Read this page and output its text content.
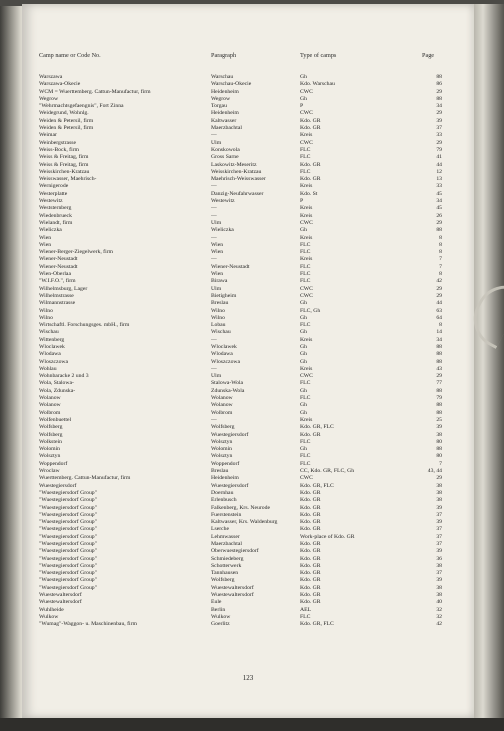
Camp name or Code No.	Paragraph	Type of camps	Page
Warszawa	Warschau	Gh	88
Warszawa-Okecie	Warschau-Okecie	Kdo. Warschau	86
WCM = Wuerttemberg. Cattun-Manufactur, firm	Heidenheim	CWC	29
Wegrow	Wegrow	Gh	88
"Wehrmachtsgefaengnis", Fort Zinna	Torgau	P	34
Weidegrund, Wohnlg.	Heidenheim	CWC	29
Weiden & Petersil, firm	Kaltwasser	Kdo. GR	39
Weiden & Petersil, firm	Maerzbachtal	Kdo. GR	37
Weimar	—	Kreis	33
Weinbergstrasse	Ulm	CWC	29
Weiss-Bock, firm	Konskowola	FLC	79
Weiss & Freitag, firm	Gross Sarne	FLC	41
Weiss & Freitag, firm	Laskowitz-Meseritz	Kdo. GR	44
Weisskirchen-Kratzau	Weisskirchen-Kratzau	FLC	12
Weisswasser, Maehrisch-	Maehrisch-Weisswasser	Kdo. GR	13
Wernigerode	—	Kreis	33
Westerplatte	Danzig-Neufahrwasser	Kdo. St	45
Westewitz	Westewitz	P	34
Weststernberg	—	Kreis	45
Wiedenbrueck	—	Kreis	26
Wielandt, firm	Ulm	CWC	29
Wieliczka	Wieliczka	Gh	88
Wien	—	Kreis	8
Wien	Wien	FLC	8
Wiener-Berger-Ziegelwerk, firm	Wien	FLC	8
Wiener-Neustadt	—	Kreis	7
Wiener-Neustadt	Wiener-Neustadt	FLC	7
Wien-Oberlaa	Wien	FLC	8
"W.I.F.O.", firm	Birawa	FLC	42
Wilhelmsburg, Lager	Ulm	CWC	29
Wilhelmstrasse	Bietigheim	CWC	29
Wilmannstrasse	Breslau	Gh	44
Wilno	Wilno	FLC, Gh	63
Wilno	Wilno	Gh	64
Wirtschaftl. Forschungsges. mbH., firm	Lobau	FLC	8
Wischau	Wischau	Gh	14
Wittenberg	—	Kreis	34
Wloclawek	Wloclawek	Gh	88
Wlodawa	Wlodawa	Gh	88
Wloszczowa	Wloszczowa	Gh	88
Wohlau	—	Kreis	43
Wohnbaracke 2 und 3	Ulm	CWC	29
Wola, Stalowa-	Stalowa-Wola	FLC	77
Wola, Zdunska-	Zdunska-Wola	Gh	88
Wolanow	Wolanow	FLC	79
Wolanow	Wolanow	Gh	88
Wolbrom	Wolbrom	Gh	88
Wolfenbuettel	—	Kreis	25
Wolfsberg	Wolfsberg	Kdo. GR, FLC	39
Wolfsberg	Wuestegiersdorf	Kdo. GR	38
Wolkstein	Wolsztyn	FLC	80
Wolomin	Wolomin	Gh	88
Wolsztyn	Wolsztyn	FLC	80
Woppendorf	Woppendorf	FLC	7
Wroclaw	Breslau	CC, Kdo. GR, FLC, Gh	43, 44
Wuerttemberg. Cattun-Manufactur, firm	Heidenheim	CWC	29
Wuestegiersdorf	Wuestegiersdorf	Kdo. GR, FLC	38
"Wuestegiersdorf Group"	Doernhau	Kdo. GR	38
"Wuestegiersdorf Group"	Erlenbusch	Kdo. GR	38
"Wuestegiersdorf Group"	Falkenberg, Krs. Neurode	Kdo. GR	39
"Wuestegiersdorf Group"	Fuerstenstein	Kdo. GR	37
"Wuestegiersdorf Group"	Kaltwasser, Krs. Waldenburg	Kdo. GR	39
"Wuestegiersdorf Group"	Lserche	Kdo. GR	37
"Wuestegiersdorf Group"	Lehmwasser	Work-place of Kdo. GR	37
"Wuestegiersdorf Group"	Maerzbachtal	Kdo. GR	37
"Wuestegiersdorf Group"	Oberwuestegiersdorf	Kdo. GR	39
"Wuestegiersdorf Group"	Schmiedeberg	Kdo. GR	36
"Wuestegiersdorf Group"	Schotterwerk	Kdo. GR	38
"Wuestegiersdorf Group"	Tannhausen	Kdo. GR	37
"Wuestegiersdorf Group"	Wolfsberg	Kdo. GR	39
"Wuestegiersdorf Group"	Wuestewaltersdorf	Kdo. GR	38
Wuestewaltersdorf	Wuestewaltersdorf	Kdo. GR	38
Wuestewaltersdorf	Eule	Kdo. GR	40
Wuhlheide	Berlin	AEL	32
Wulkow	Wulkow	FLC	32
"Wumag"-Waggon- u. Maschinenbau, firm	Goerlitz	Kdo. GR, FLC	42
123
